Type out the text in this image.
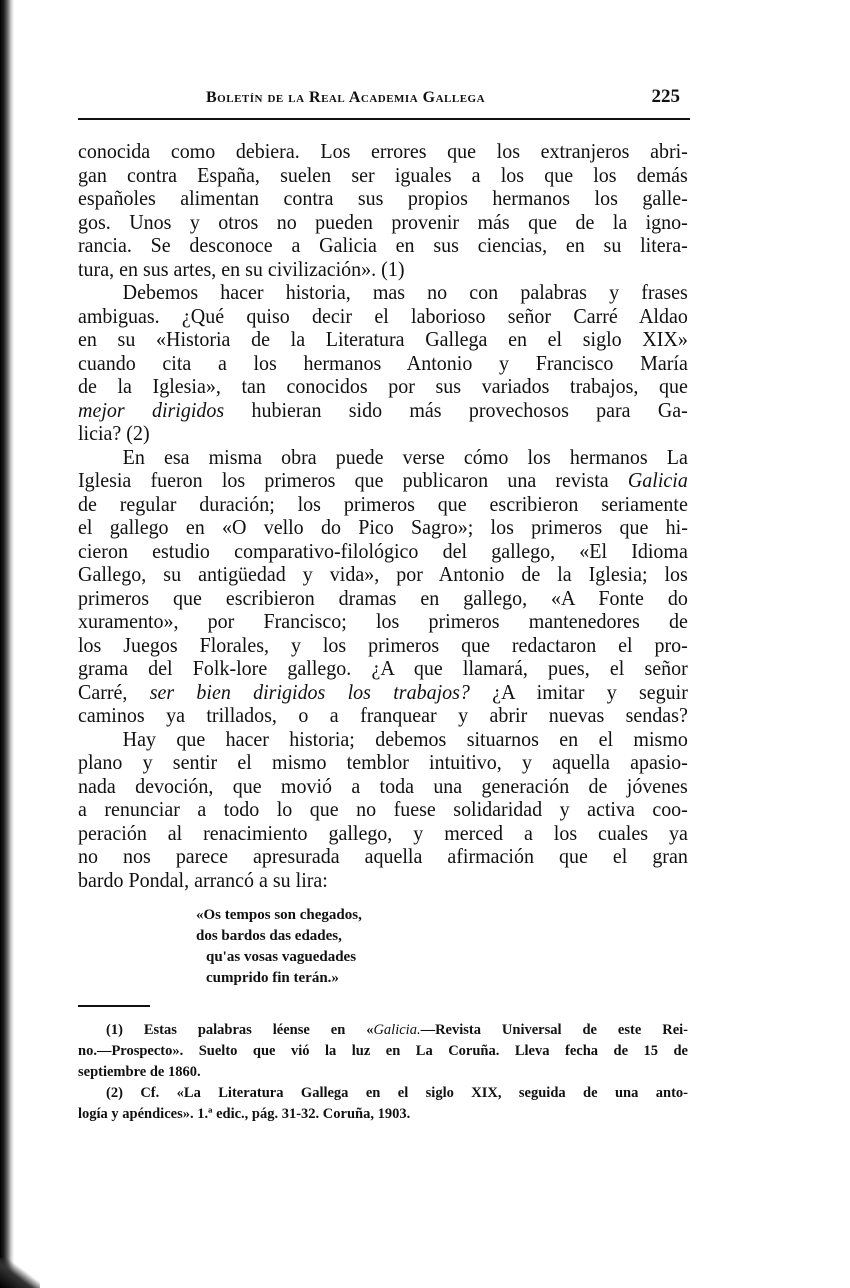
Boletín de la Real Academia Gallega	225
conocida como debiera. Los errores que los extranjeros abri-
gan contra España, suelen ser iguales a los que los demás
españoles alimentan contra sus propios hermanos los galle-
gos. Unos y otros no pueden provenir más que de la igno-
rancia. Se desconoce a Galicia en sus ciencias, en su litera-
tura, en sus artes, en su civilización». (1)
Debemos hacer historia, mas no con palabras y frases
ambiguas. ¿Qué quiso decir el laborioso señor Carré Aldao
en su «Historia de la Literatura Gallega en el siglo XIX»
cuando cita a los hermanos Antonio y Francisco María
de la Iglesia», tan conocidos por sus variados trabajos, que
mejor dirigidos hubieran sido más provechosos para Ga-
licia? (2)
En esa misma obra puede verse cómo los hermanos La
Iglesia fueron los primeros que publicaron una revista Galicia
de regular duración; los primeros que escribieron seriamente
el gallego en «O vello do Pico Sagro»; los primeros que hi-
cieron estudio comparativo-filológico del gallego, «El Idioma
Gallego, su antigüedad y vida», por Antonio de la Iglesia; los
primeros que escribieron dramas en gallego, «A Fonte do
xuramento», por Francisco; los primeros mantenedores de
los Juegos Florales, y los primeros que redactaron el pro-
grama del Folk-lore gallego. ¿A que llamará, pues, el señor
Carré, ser bien dirigidos los trabajos? ¿A imitar y seguir
caminos ya trillados, o a franquear y abrir nuevas sendas?
Hay que hacer historia; debemos situarnos en el mismo
plano y sentir el mismo temblor intuitivo, y aquella apasio-
nada devoción, que movió a toda una generación de jóvenes
a renunciar a todo lo que no fuese solidaridad y activa coo-
peración al renacimiento gallego, y merced a los cuales ya
no nos parece apresurada aquella afirmación que el gran
bardo Pondal, arrancó a su lira:
«Os tempos son chegados,
dos bardos das edades,
qu'as vosas vaguedades
cumprido fin terán.»
(1) Estas palabras léense en «Galicia.—Revista Universal de este Rei-
no.—Prospecto». Suelto que vió la luz en La Coruña. Lleva fecha de 15 de
septiembre de 1860.
(2) Cf. «La Literatura Gallega en el siglo XIX, seguida de una anto-
logía y apéndices». 1.ª edic., pág. 31-32. Coruña, 1903.
